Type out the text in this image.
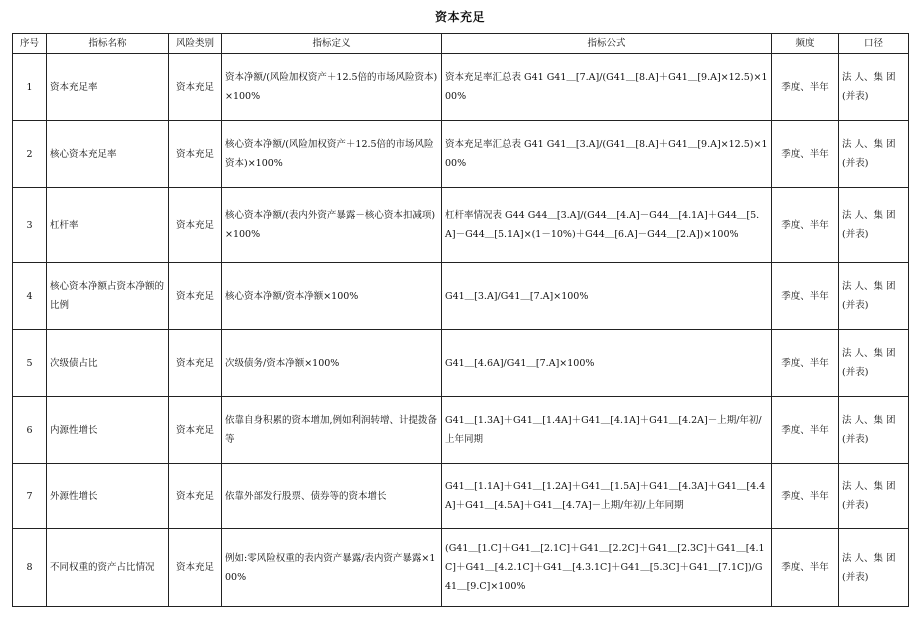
资本充足
序号	指标名称	风险类别	指标定义	指标公式	频度	口径
1	资本充足率	资本充足	资本净额/(风险加权资产＋12.5倍的市场风险资本)×100%	资本充足率汇总表 G41 G41＿[7.A]/(G41＿[8.A]＋G41＿[9.A]×12.5)×100%	季度、半年	法 人、集 团(并表)
2	核心资本充足率	资本充足	核心资本净额/(风险加权资产＋12.5倍的市场风险资本)×100%	资本充足率汇总表 G41 G41＿[3.A]/(G41＿[8.A]＋G41＿[9.A]×12.5)×100%	季度、半年	法 人、集 团(并表)
3	杠杆率	资本充足	核心资本净额/(表内外资产暴露－核心资本扣减项)×100%	杠杆率情况表 G44 G44＿[3.A]/(G44＿[4.A]－G44＿[4.1A]＋G44＿[5.A]－G44＿[5.1A]×(1－10%)＋G44＿[6.A]－G44＿[2.A])×100%	季度、半年	法 人、集 团(并表)
4	核心资本净额占资本净额的比例	资本充足	核心资本净额/资本净额×100%	G41＿[3.A]/G41＿[7.A]×100%	季度、半年	法 人、集 团(并表)
5	次级债占比	资本充足	次级债务/资本净额×100%	G41＿[4.6A]/G41＿[7.A]×100%	季度、半年	法 人、集 团(并表)
6	内源性增长	资本充足	依靠自身积累的资本增加,例如利润转增、计提拨备等	G41＿[1.3A]＋G41＿[1.4A]＋G41＿[4.1A]＋G41＿[4.2A]－上期/年初/上年同期	季度、半年	法 人、集 团(并表)
7	外源性增长	资本充足	依靠外部发行股票、债券等的资本增长	G41＿[1.1A]＋G41＿[1.2A]＋G41＿[1.5A]＋G41＿[4.3A]＋G41＿[4.4A]＋G41＿[4.5A]＋G41＿[4.7A]－上期/年初/上年同期	季度、半年	法 人、集 团(并表)
8	不同权重的资产占比情况	资本充足	例如:零风险权重的表内资产暴露/表内资产暴露×100%	(G41＿[1.C]＋G41＿[2.1C]＋G41＿[2.2C]＋G41＿[2.3C]＋G41＿[4.1C]＋G41＿[4.2.1C]＋G41＿[4.3.1C]＋G41＿[5.3C]＋G41＿[7.1C])/G41＿[9.C]×100%	季度、半年	法 人、集 团(并表)
